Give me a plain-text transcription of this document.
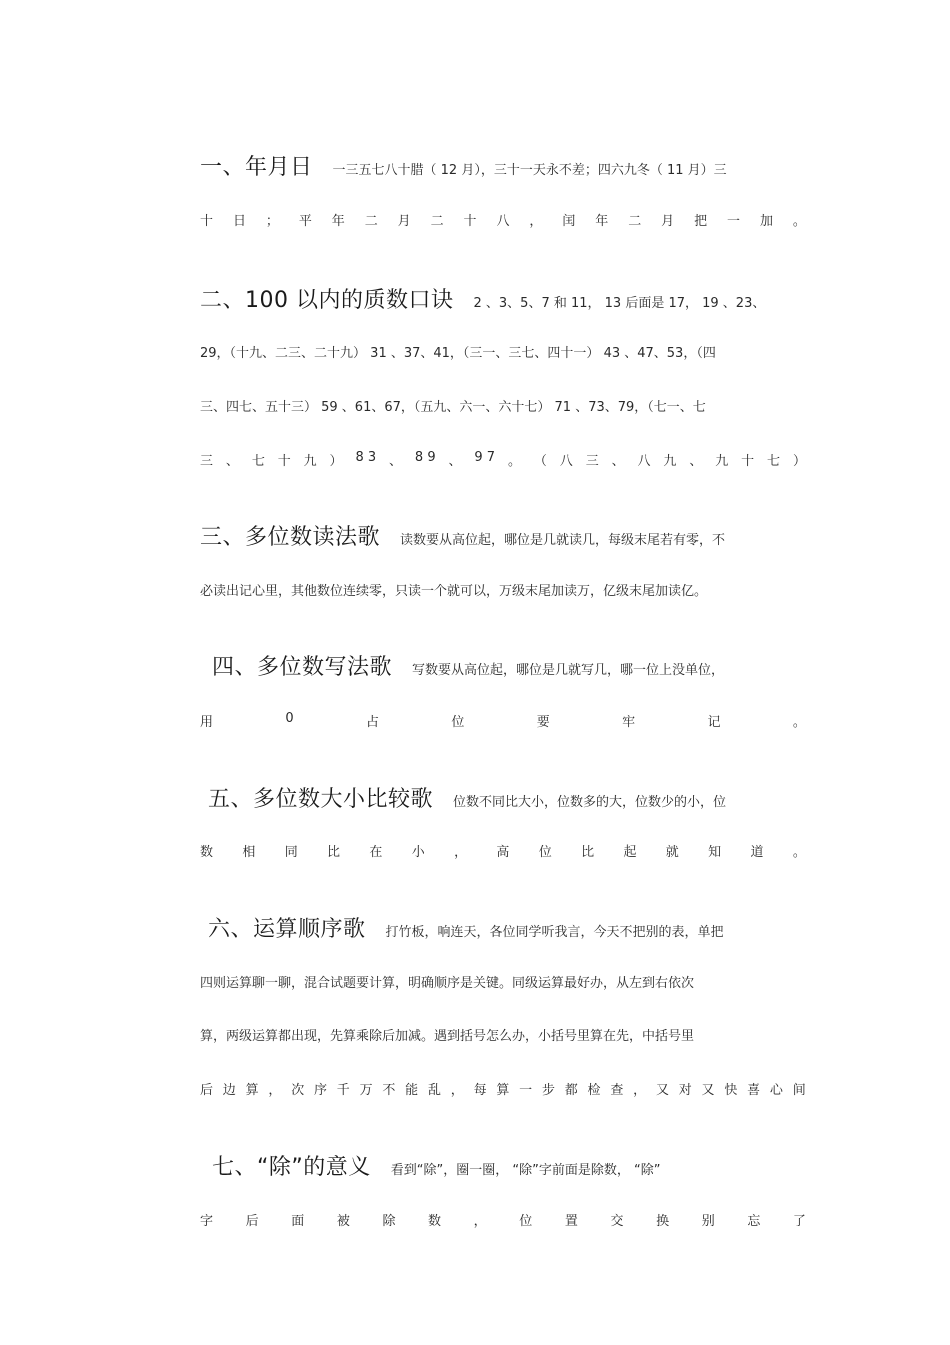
一、年月日 一三五七八十腊（ 12 月），三十一天永不差；四六九冬（ 11 月）三
十 日 ； 平 年 二 月 二 十 八 ， 闰 年 二 月 把 一 加 。
二、100 以内的质数口诀 2 、3、5、7 和 11， 13 后面是 17， 19 、23、
29，（十九、二三、二十九） 31 、37、41，（三一、三七、四十一） 43 、47、53，（四
三、四七、五十三） 59 、61、67，（五九、六一、六十七） 71 、73、79，（七一、七
三 、 七 十 九 ） 8 3 、 8 9 、 9 7 。 （ 八 三 、 八 九 、 九 十 七 ）
三、多位数读法歌 读数要从高位起，哪位是几就读几，每级末尾若有零，不
必读出记心里，其他数位连续零，只读一个就可以，万级末尾加读万，亿级末尾加读亿。
四、多位数写法歌 写数要从高位起，哪位是几就写几，哪一位上没单位，
用	0	占	位	要	牢	记	。
五、多位数大小比较歌 位数不同比大小，位数多的大，位数少的小，位
数 相 同 比 在 小 ， 高 位 比 起 就 知 道 。
六、运算顺序歌 打竹板，响连天，各位同学听我言，今天不把别的表，单把
四则运算聊一聊，混合试题要计算，明确顺序是关键。同级运算最好办，从左到右依次
算，两级运算都出现，先算乘除后加减。遇到括号怎么办，小括号里算在先，中括号里
后 边 算 ， 次 序 千 万 不 能 乱 ， 每 算 一 步 都 检 查 ， 又 对 又 快 喜 心 间
七、“除”的意义 看到“除”，圈一圈， “除”字前面是除数， “除”
字	后	面	被	除	数	，	位	置	交	换	别	忘	了
